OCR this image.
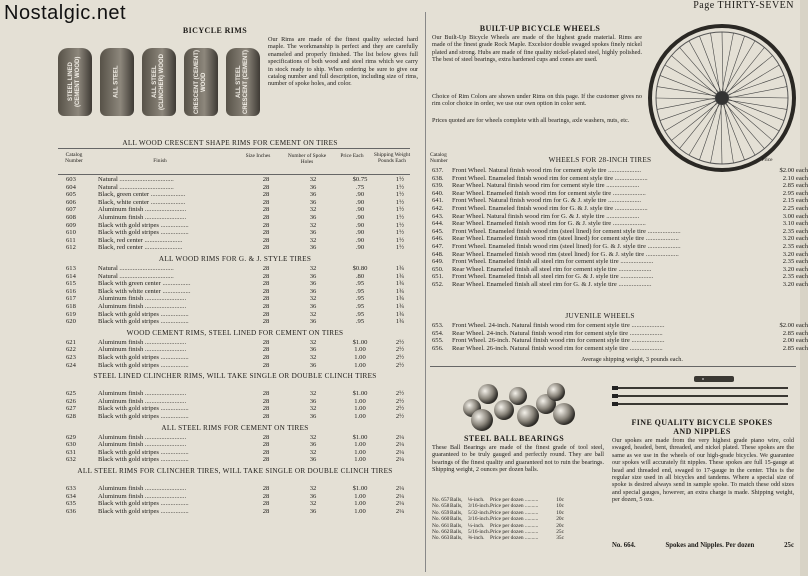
Nostalgic.net	Page THIRTY-SEVEN
BICYCLE RIMS
STEEL LINED (CEMENT WOOD)	ALL STEEL	ALL STEEL (CLINCHER) WOOD	CRESCENT (CEMENT) WOOD	ALL STEEL CRESCENT (CEMENT)
Our Rims are made of the finest quality selected hard maple. The workmanship is perfect and they are carefully enameled and properly finished. The list below gives full specifications of both wood and steel rims which we carry in stock ready to ship. When ordering be sure to give our catalog number and full description, including size of rims, number of spoke holes, and color.
ALL WOOD CRESCENT SHAPE RIMS FOR CEMENT ON TIRES
Catalog Number	Finish
Size Inches	Number of Spoke Holes
Price Each	Shipping Weight Pounds Each
603	Natural .................................	28	32	$0.75	1½
604	Natural .................................	28	36	.75	1½
605	Black, green center .....................	28	36	.90	1½
606	Black, white center .....................	28	36	.90	1½
607	Aluminum finish .........................	28	32	.90	1½
608	Aluminum finish .........................	28	36	.90	1½
609	Black with gold stripes .................	28	32	.90	1½
610	Black with gold stripes .................	28	36	.90	1½
611	Black, red center .......................	28	32	.90	1½
612	Black, red center .......................	28	36	.90	1½
ALL WOOD RIMS FOR G. & J. STYLE TIRES
613	Natural .................................	28	32	$0.80	1¾
614	Natural .................................	28	36	.80	1¾
615	Black with green center .................	28	36	.95	1¾
616	Black with white center .................	28	36	.95	1¾
617	Aluminum finish .........................	28	32	.95	1¾
618	Aluminum finish .........................	28	36	.95	1¾
619	Black with gold stripes .................	28	32	.95	1¾
620	Black with gold stripes .................	28	36	.95	1¾
WOOD CEMENT RIMS, STEEL LINED FOR CEMENT ON TIRES
621	Aluminum finish .........................	28	32	$1.00	2½
622	Aluminum finish .........................	28	36	1.00	2½
623	Black with gold stripes .................	28	32	1.00	2½
624	Black with gold stripes .................	28	36	1.00	2½
STEEL LINED CLINCHER RIMS, WILL TAKE SINGLE OR DOUBLE CLINCH TIRES
625	Aluminum finish .........................	28	32	$1.00	2½
626	Aluminum finish .........................	28	36	1.00	2½
627	Black with gold stripes .................	28	32	1.00	2½
628	Black with gold stripes .................	28	36	1.00	2½
ALL STEEL RIMS FOR CEMENT ON TIRES
629	Aluminum finish .........................	28	32	$1.00	2¼
630	Aluminum finish .........................	28	36	1.00	2¼
631	Black with gold stripes .................	28	32	1.00	2¼
632	Black with gold stripes .................	28	36	1.00	2¼
ALL STEEL RIMS FOR CLINCHER TIRES, WILL TAKE SINGLE OR DOUBLE CLINCH TIRES
633	Aluminum finish .........................	28	32	$1.00	2¼
634	Aluminum finish .........................	28	36	1.00	2¼
635	Black with gold stripes .................	28	32	1.00	2¼
636	Black with gold stripes .................	28	36	1.00	2¼
BUILT-UP BICYCLE WHEELS
Our Built-Up Bicycle Wheels are made of the highest grade material. Rims are made of the finest grade Rock Maple. Excelsior double swaged spokes finely nickel plated and strong. Hubs are made of fine quality nickel-plated steel, highly polished. The best of steel bearings, extra hardened cups and cones are used.
Choice of Rim Colors are shown under Rims on this page. If the customer gives no rim color choice in order, we use our own option in color sent.
Prices quoted are for wheels complete with all bearings, axle washers, nuts, etc.
Catalog Number	WHEELS FOR 28-INCH TIRES	Price
637.	Front Wheel. Natural finish wood rim for cement style tire ....................	$2.00 each
638.	Front Wheel. Enameled finish wood rim for cement style tire ....................	2.10 each
639.	Rear Wheel. Natural finish wood rim for cement style tire ....................	2.85 each
640.	Rear Wheel. Enameled finish wood rim for cement style tire ....................	2.95 each
641.	Front Wheel. Natural finish wood rim for G. & J. style tire ....................	2.15 each
642.	Front Wheel. Enameled finish wood rim for G. & J. style tire ....................	2.25 each
643.	Rear Wheel. Natural finish wood rim for G. & J. style tire ....................	3.00 each
644.	Rear Wheel. Enameled finish wood rim for G. & J. style tire ....................	3.10 each
645.	Front Wheel. Enameled finish wood rim (steel lined) for cement style tire ....................	2.35 each
646.	Rear Wheel. Enameled finish wood rim (steel lined) for cement style tire ....................	3.20 each
647.	Front Wheel. Enameled finish wood rim (steel lined) for G. & J. style tire ....................	2.35 each
648.	Rear Wheel. Enameled finish wood rim (steel lined) for G. & J. style tire ....................	3.20 each
649.	Front Wheel. Enameled finish all steel rim for cement style tire ....................	2.35 each
650.	Rear Wheel. Enameled finish all steel rim for cement style tire ....................	3.20 each
651.	Front Wheel. Enameled finish all steel rim for G. & J. style tire ....................	2.35 each
652.	Rear Wheel. Enameled finish all steel rim for G. & J. style tire ....................	3.20 each
JUVENILE WHEELS
653.	Front Wheel. 24-inch. Natural finish wood rim for cement style tire ....................	$2.00 each
654.	Rear Wheel. 24-inch. Natural finish wood rim for cement style tire ....................	2.85 each
655.	Front Wheel. 26-inch. Natural finish wood rim for cement style tire ....................	2.00 each
656.	Rear Wheel. 26-inch. Natural finish wood rim for cement style tire ....................	2.85 each
Average shipping weight, 3 pounds each.
STEEL BALL BEARINGS
These Ball Bearings are made of the finest grade of tool steel, guaranteed to be truly gauged and perfectly round. They are ball bearings of the finest quality and guaranteed not to ruin the bearings. Shipping weight, 2 ounces per dozen balls.
No. 657 Balls,	⅛-inch.	Price per dozen ..........	10c
No. 658 Balls,	3/16-inch. Price per dozen ..........	10c
No. 659 Balls,	5/32-inch. Price per dozen ..........	10c
No. 660 Balls,	3/16-inch. Price per dozen ..........	20c
No. 661 Balls,	¼-inch.	Price per dozen ..........	20c
No. 662 Balls,	5/16-inch. Price per dozen ..........	25c
No. 663 Balls,	⅜-inch.	Price per dozen ..........	35c
FINE QUALITY BICYCLE SPOKES AND NIPPLES
Our spokes are made from the very highest grade piano wire, cold swaged, headed, bent, threaded, and nickel plated. These spokes are the same as we use in the wheels of our high-grade bicycles. We guarantee our spokes will accurately fit nipples. These spokes are full 15-gauge at head and threaded end, swaged to 17-gauge in the center. This is the regular size used in all bicycles and tandems. Where a special size of spoke is desired always send in sample spoke. To match these odd sizes and special gauges, however, an extra charge is made. Shipping weight, per dozen, 5 ozs.
No. 664.	Spokes and Nipples. Per dozen	25c
